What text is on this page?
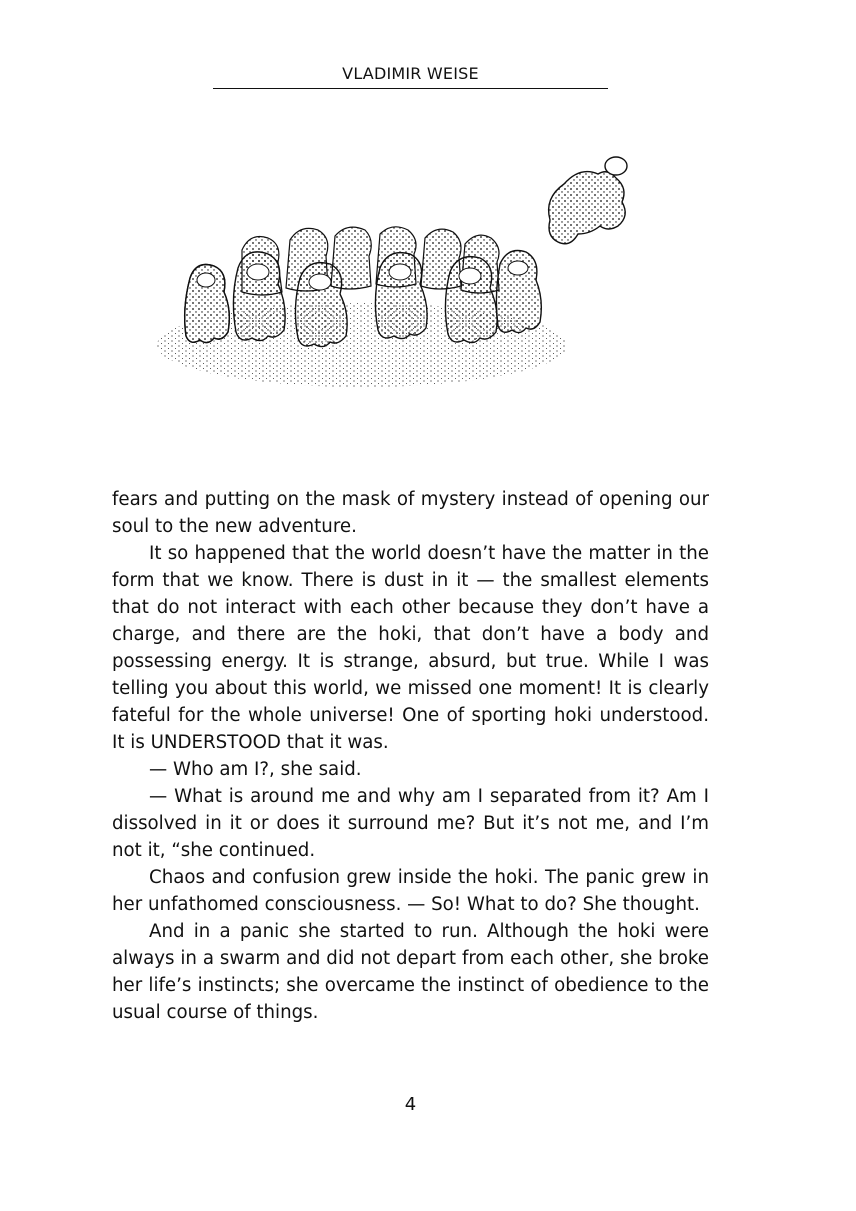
VLADIMIR WEISE

fears and putting on the mask of mystery instead of opening our soul to the new adventure.

It so happened that the world doesn’t have the matter in the form that we know. There is dust in it — the smallest elements that do not interact with each other because they don’t have a charge, and there are the hoki, that don’t have a body and possessing energy. It is strange, absurd, but true. While I was telling you about this world, we missed one moment! It is clearly fateful for the whole universe! One of sporting hoki understood. It is UNDERSTOOD that it was.

— Who am I?, she said.

— What is around me and why am I separated from it? Am I dissolved in it or does it surround me? But it’s not me, and I’m not it, “she continued.

Chaos and confusion grew inside the hoki. The panic grew in her unfathomed consciousness. — So! What to do? She thought.

And in a panic she started to run. Although the hoki were always in a swarm and did not depart from each other, she broke her life’s instincts; she overcame the instinct of obedience to the usual course of things.

4
